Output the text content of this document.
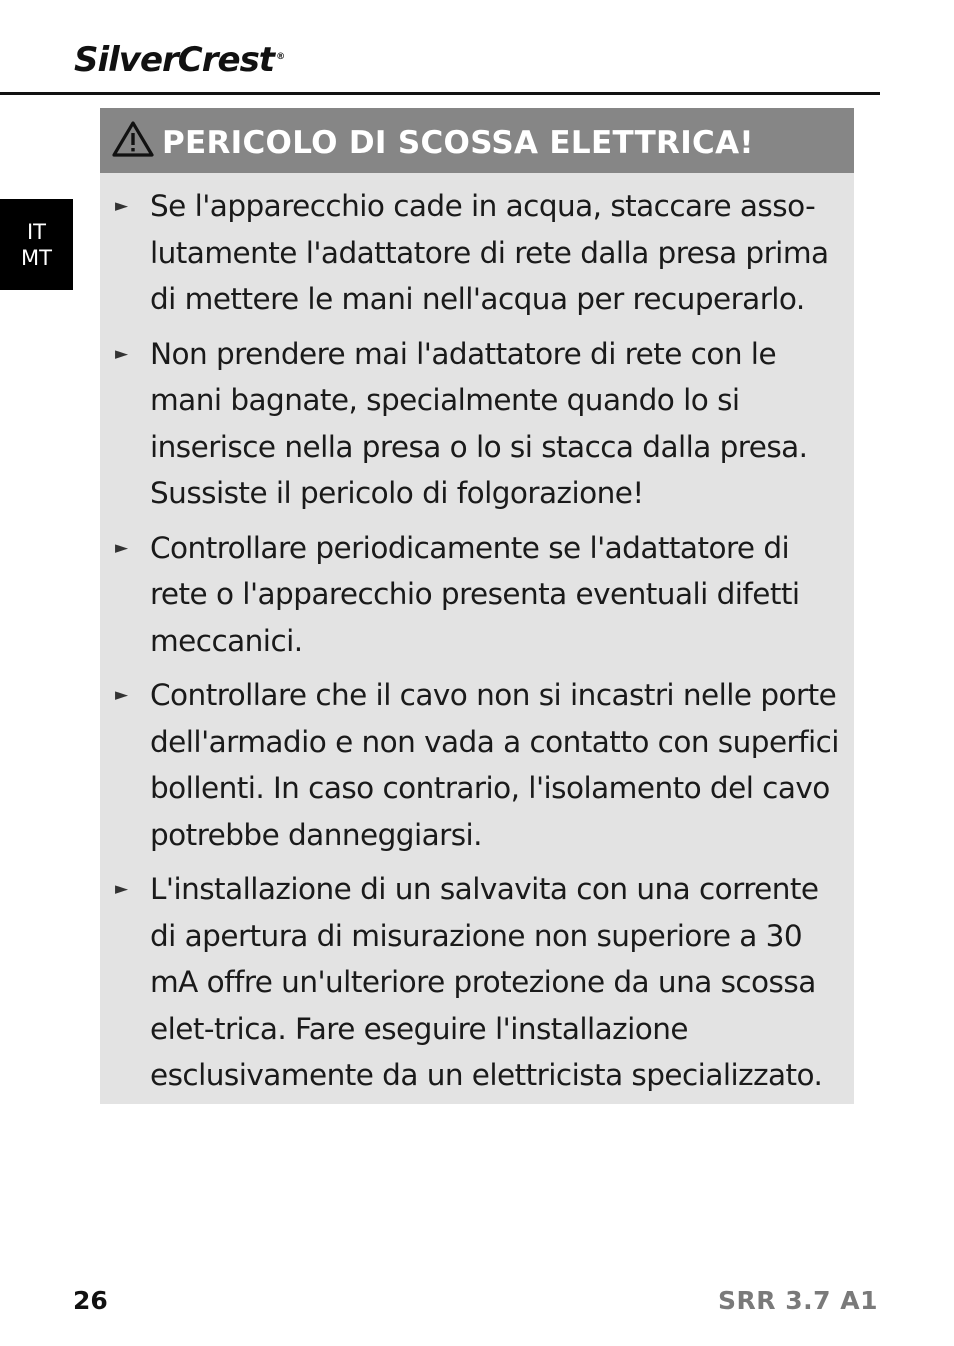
SilverCrest ®
IT
MT
PERICOLO DI SCOSSA ELETTRICA!
► Se l'apparecchio cade in acqua, staccare asso-lutamente l'adattatore di rete dalla presa prima di mettere le mani nell'acqua per recuperarlo.
► Non prendere mai l'adattatore di rete con le mani bagnate, specialmente quando lo si inserisce nella presa o lo si stacca dalla presa. Sussiste il pericolo di folgorazione!
► Controllare periodicamente se l'adattatore di rete o l'apparecchio presenta eventuali difetti meccanici.
► Controllare che il cavo non si incastri nelle porte dell'armadio e non vada a contatto con superfici bollenti. In caso contrario, l'isolamento del cavo potrebbe danneggiarsi.
► L'installazione di un salvavita con una corrente di apertura di misurazione non superiore a 30 mA offre un'ulteriore protezione da una scossa elet-trica. Fare eseguire l'installazione esclusivamente da un elettricista specializzato.
26	SRR 3.7 A1
